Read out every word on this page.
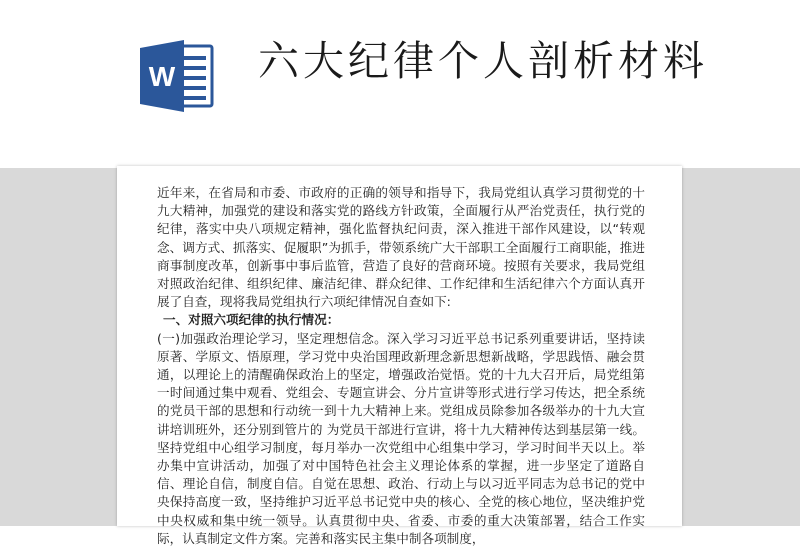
W 六大纪律个人剖析材料

近年来，在省局和市委、市政府的正确的领导和指导下，我局党组认真学习贯彻党的十九大精神，加强党的建设和落实党的路线方针政策，全面履行从严治党责任，执行党的纪律，落实中央八项规定精神，强化监督执纪问责，深入推进干部作风建设，以“转观念、调方式、抓落实、促履职”为抓手，带领系统广大干部职工全面履行工商职能，推进商事制度改革，创新事中事后监管，营造了良好的营商环境。按照有关要求，我局党组对照政治纪律、组织纪律、廉洁纪律、群众纪律、工作纪律和生活纪律六个方面认真开展了自查，现将我局党组执行六项纪律情况自查如下:

一、对照六项纪律的执行情况：

(一)加强政治理论学习，坚定理想信念。深入学习习近平总书记系列重要讲话，坚持读原著、学原文、悟原理，学习党中央治国理政新理念新思想新战略，学思践悟、融会贯通，以理论上的清醒确保政治上的坚定，增强政治觉悟。党的十九大召开后，局党组第一时间通过集中观看、党组会、专题宣讲会、分片宣讲等形式进行学习传达，把全系统的党员干部的思想和行动统一到十九大精神上来。党组成员除参加各级举办的十九大宣讲培训班外，还分别到管片的 为党员干部进行宣讲，将十九大精神传达到基层第一线。坚持党组中心组学习制度，每月举办一次党组中心组集中学习，学习时间半天以上。举办集中宣讲活动，加强了对中国特色社会主义理论体系的掌握，进一步坚定了道路自信、理论自信，制度自信。自觉在思想、政治、行动上与以习近平同志为总书记的党中央保持高度一致，坚持维护习近平总书记党中央的核心、全党的核心地位，坚决维护党中央权威和集中统一领导。认真贯彻中央、省委、市委的重大决策部署，结合工作实际，认真制定文件方案。完善和落实民主集中制各项制度，
